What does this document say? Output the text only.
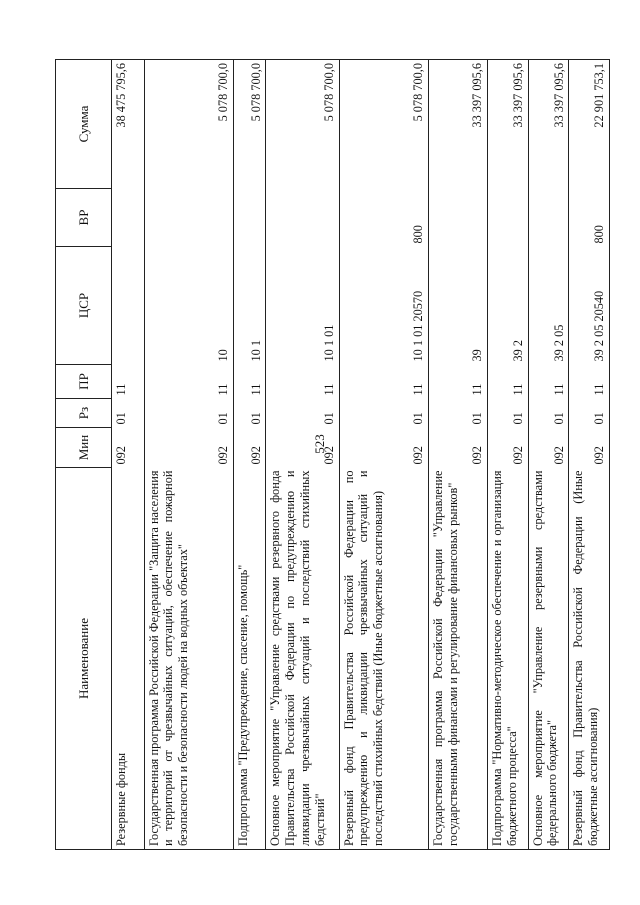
523
Наименование	Мин	Рз	ПР	ЦСР	ВР	Сумма
Резервные фонды	092	01	11			38 475 795,6
Государственная программа Российской Федерации "Защита населения и территорий от чрезвычайных ситуаций, обеспечение пожарной безопасности и безопасности людей на водных объектах"	092	01	11	10		5 078 700,0
Подпрограмма "Предупреждение, спасение, помощь"	092	01	11	10 1		5 078 700,0
Основное мероприятие "Управление средствами резервного фонда Правительства Российской Федерации по предупреждению и ликвидации чрезвычайных ситуаций и последствий стихийных бедствий"	092	01	11	10 1 01		5 078 700,0
Резервный фонд Правительства Российской Федерации по предупреждению и ликвидации чрезвычайных ситуаций и последствий стихийных бедствий (Иные бюджетные ассигнования)	092	01	11	10 1 01 20570	800	5 078 700,0
Государственная программа Российской Федерации "Управление государственными финансами и регулирование финансовых рынков"	092	01	11	39		33 397 095,6
Подпрограмма "Нормативно-методическое обеспечение и организация бюджетного процесса"	092	01	11	39 2		33 397 095,6
Основное мероприятие "Управление резервными средствами федерального бюджета"	092	01	11	39 2 05		33 397 095,6
Резервный фонд Правительства Российской Федерации (Иные бюджетные ассигнования)	092	01	11	39 2 05 20540	800	22 901 753,1
